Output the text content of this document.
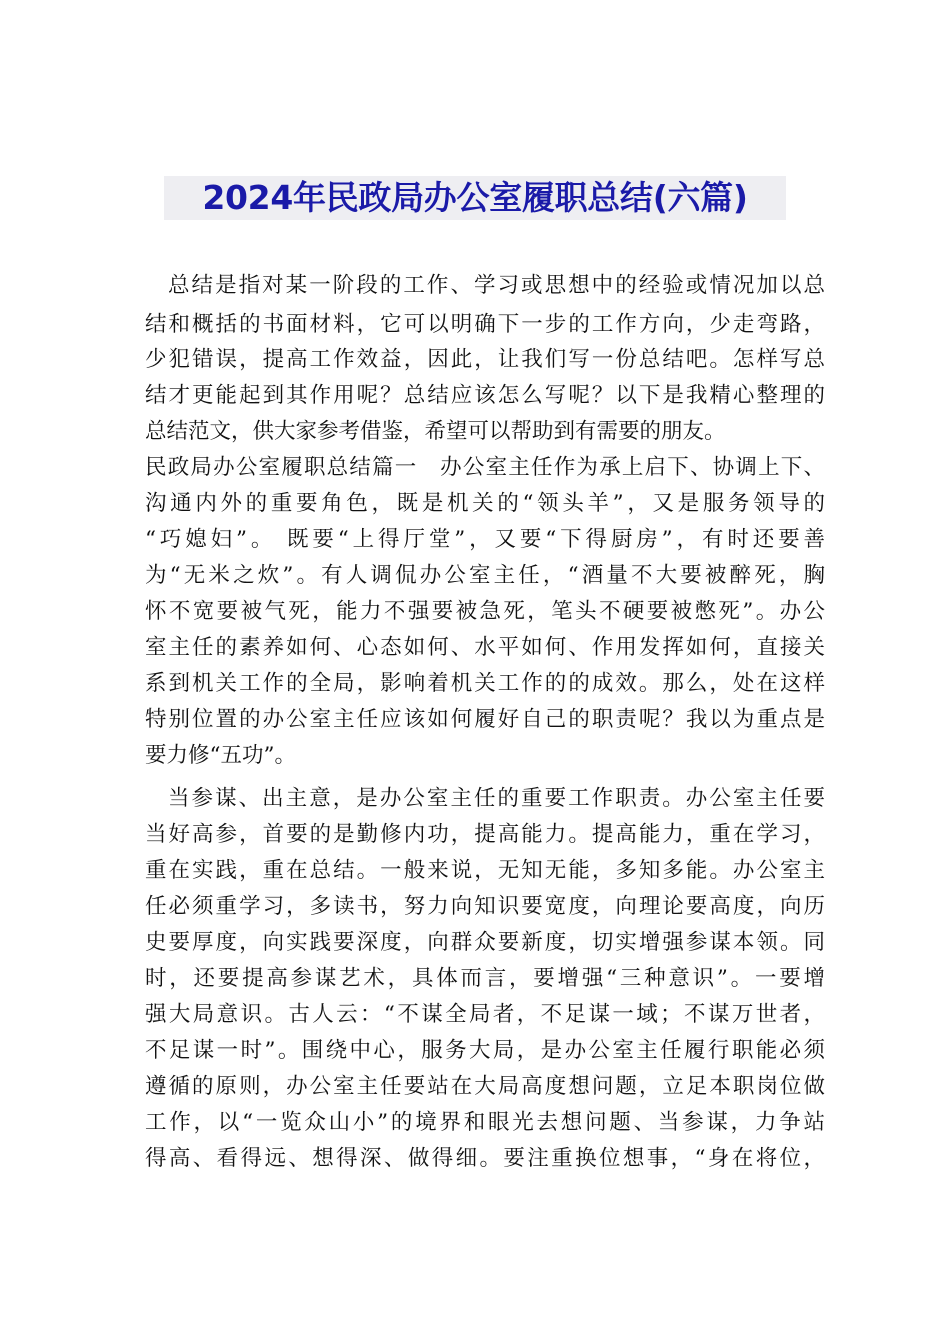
2024年民政局办公室履职总结(六篇)
总结是指对某一阶段的工作、学习或思想中的经验或情况加以总
结和概括的书面材料，它可以明确下一步的工作方向，少走弯路，
少犯错误，提高工作效益，因此，让我们写一份总结吧。怎样写总
结才更能起到其作用呢？总结应该怎么写呢？以下是我精心整理的
总结范文，供大家参考借鉴，希望可以帮助到有需要的朋友。
民政局办公室履职总结篇一　办公室主任作为承上启下、协调上下、
沟通内外的重要角色，既是机关的“领头羊”，又是服务领导的
“巧媳妇”。 既要“上得厅堂”，又要“下得厨房”，有时还要善
为“无米之炊”。有人调侃办公室主任，“酒量不大要被醉死，胸
怀不宽要被气死，能力不强要被急死，笔头不硬要被憋死”。办公
室主任的素养如何、心态如何、水平如何、作用发挥如何，直接关
系到机关工作的全局，影响着机关工作的的成效。那么，处在这样
特别位置的办公室主任应该如何履好自己的职责呢？我以为重点是
要力修“五功”。
当参谋、出主意，是办公室主任的重要工作职责。办公室主任要
当好高参，首要的是勤修内功，提高能力。提高能力，重在学习，
重在实践，重在总结。一般来说，无知无能，多知多能。办公室主
任必须重学习，多读书，努力向知识要宽度，向理论要高度，向历
史要厚度，向实践要深度，向群众要新度，切实增强参谋本领。同
时，还要提高参谋艺术，具体而言，要增强“三种意识”。一要增
强大局意识。古人云：“不谋全局者，不足谋一域；不谋万世者，
不足谋一时”。围绕中心，服务大局，是办公室主任履行职能必须
遵循的原则，办公室主任要站在大局高度想问题，立足本职岗位做
工作，以“一览众山小”的境界和眼光去想问题、当参谋，力争站
得高、看得远、想得深、做得细。要注重换位想事，“身在将位，
